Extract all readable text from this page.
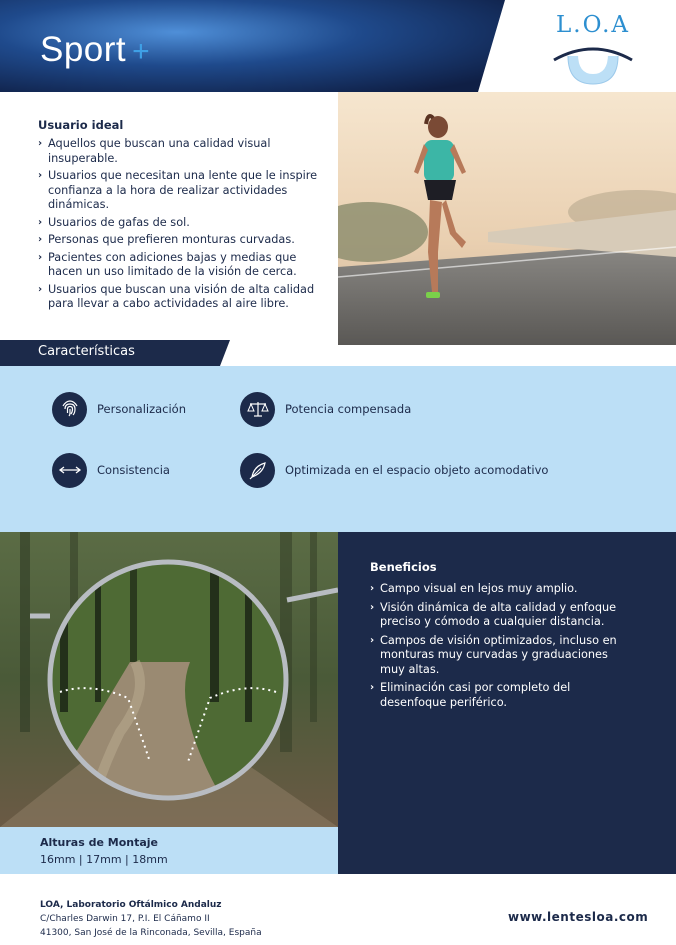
Sport +
L.O.A
Usuario ideal
› Aquellos que buscan una calidad visual insuperable.
› Usuarios que necesitan una lente que le inspire confianza a la hora de realizar actividades dinámicas.
› Usuarios de gafas de sol.
› Personas que prefieren monturas curvadas.
› Pacientes con adiciones bajas y medias que hacen un uso limitado de la visión de cerca.
› Usuarios que buscan una visión de alta calidad para llevar a cabo actividades al aire libre.
Características
Personalización	Potencia compensada
Consistencia	Optimizada en el espacio objeto acomodativo
Alturas de Montaje
16mm | 17mm | 18mm
Beneficios
› Campo visual en lejos muy amplio.
› Visión dinámica de alta calidad y enfoque preciso y cómodo a cualquier distancia.
› Campos de visión optimizados, incluso en monturas muy curvadas y graduaciones muy altas.
› Eliminación casi por completo del desenfoque periférico.
LOA, Laboratorio Oftálmico Andaluz
C/Charles Darwin 17, P.I. El Cáñamo II
41300, San José de la Rinconada, Sevilla, España
www.lentesloa.com
